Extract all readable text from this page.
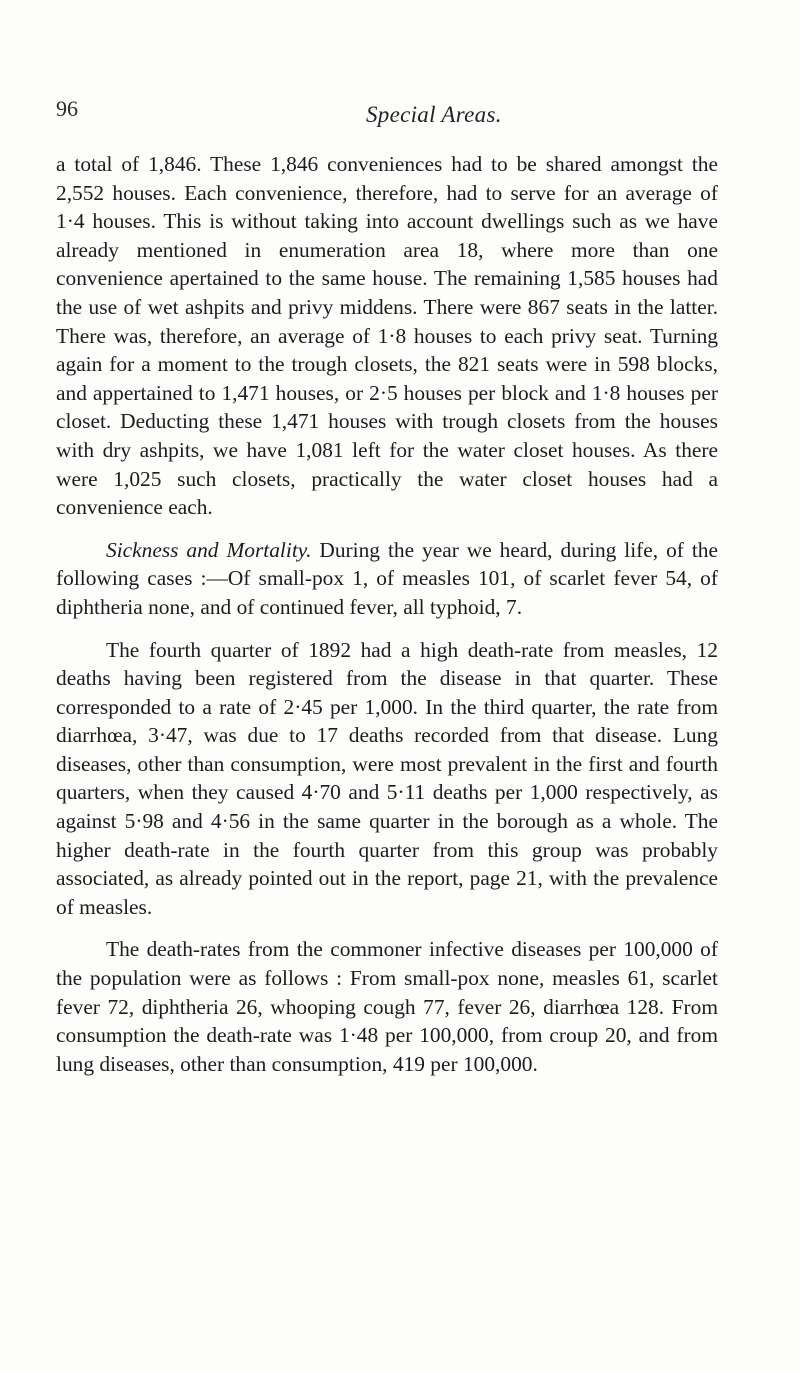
96	Special Areas.

a total of 1,846. These 1,846 conveniences had to be shared amongst the 2,552 houses. Each convenience, therefore, had to serve for an average of 1·4 houses. This is without taking into account dwellings such as we have already mentioned in enumeration area 18, where more than one convenience apertained to the same house. The remaining 1,585 houses had the use of wet ashpits and privy middens. There were 867 seats in the latter. There was, therefore, an average of 1·8 houses to each privy seat. Turning again for a moment to the trough closets, the 821 seats were in 598 blocks, and appertained to 1,471 houses, or 2·5 houses per block and 1·8 houses per closet. Deducting these 1,471 houses with trough closets from the houses with dry ashpits, we have 1,081 left for the water closet houses. As there were 1,025 such closets, practically the water closet houses had a convenience each.

Sickness and Mortality. During the year we heard, during life, of the following cases :—Of small-pox 1, of measles 101, of scarlet fever 54, of diphtheria none, and of continued fever, all typhoid, 7.

The fourth quarter of 1892 had a high death-rate from measles, 12 deaths having been registered from the disease in that quarter. These corresponded to a rate of 2·45 per 1,000. In the third quarter, the rate from diarrhœa, 3·47, was due to 17 deaths recorded from that disease. Lung diseases, other than consumption, were most prevalent in the first and fourth quarters, when they caused 4·70 and 5·11 deaths per 1,000 respectively, as against 5·98 and 4·56 in the same quarter in the borough as a whole. The higher death-rate in the fourth quarter from this group was probably associated, as already pointed out in the report, page 21, with the prevalence of measles.

The death-rates from the commoner infective diseases per 100,000 of the population were as follows : From small-pox none, measles 61, scarlet fever 72, diphtheria 26, whooping cough 77, fever 26, diarrhœa 128. From consumption the death-rate was 1·48 per 100,000, from croup 20, and from lung diseases, other than consumption, 419 per 100,000.
